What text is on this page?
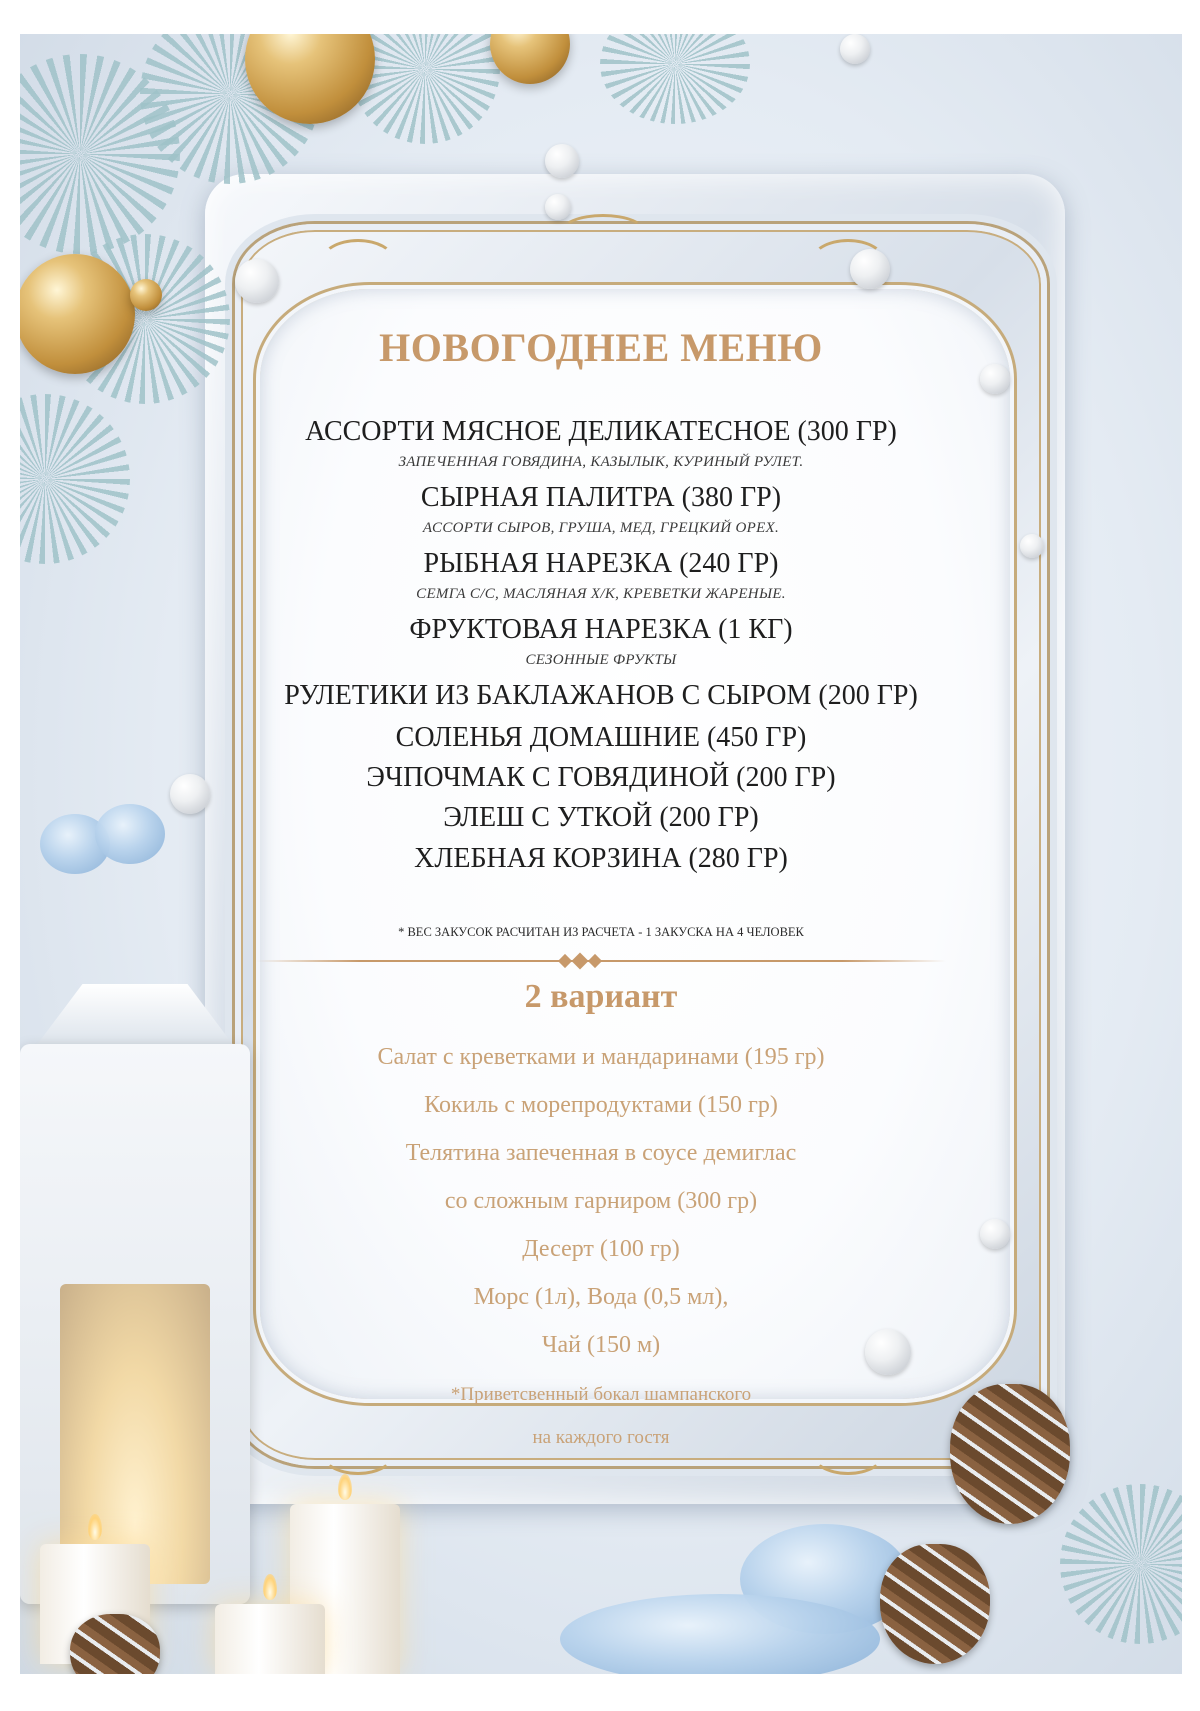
НОВОГОДНЕЕ МЕНЮ
АССОРТИ МЯСНОЕ ДЕЛИКАТЕСНОЕ (300 ГР)
ЗАПЕЧЕННАЯ ГОВЯДИНА, КАЗЫЛЫК, КУРИНЫЙ РУЛЕТ.
СЫРНАЯ ПАЛИТРА (380 ГР)
АССОРТИ СЫРОВ, ГРУША, МЕД, ГРЕЦКИЙ ОРЕХ.
РЫБНАЯ НАРЕЗКА (240 ГР)
СЕМГА С/С, МАСЛЯНАЯ Х/К, КРЕВЕТКИ ЖАРЕНЫЕ.
ФРУКТОВАЯ НАРЕЗКА (1 КГ)
СЕЗОННЫЕ ФРУКТЫ
РУЛЕТИКИ ИЗ БАКЛАЖАНОВ С СЫРОМ (200 ГР)
СОЛЕНЬЯ ДОМАШНИЕ (450 ГР)
ЭЧПОЧМАК С ГОВЯДИНОЙ (200 ГР)
ЭЛЕШ С УТКОЙ (200 ГР)
ХЛЕБНАЯ КОРЗИНА (280 ГР)
* ВЕС ЗАКУСОК РАСЧИТАН ИЗ РАСЧЕТА - 1 ЗАКУСКА НА 4 ЧЕЛОВЕК
2 вариант
Салат с креветками и мандаринами (195 гр)
Кокиль с морепродуктами (150 гр)
Телятина запеченная в соусе демиглас
со сложным гарниром (300 гр)
Десерт (100 гр)
Морс (1л), Вода (0,5 мл),
Чай (150 м)
*Приветсвенный бокал шампанского
на каждого гостя
